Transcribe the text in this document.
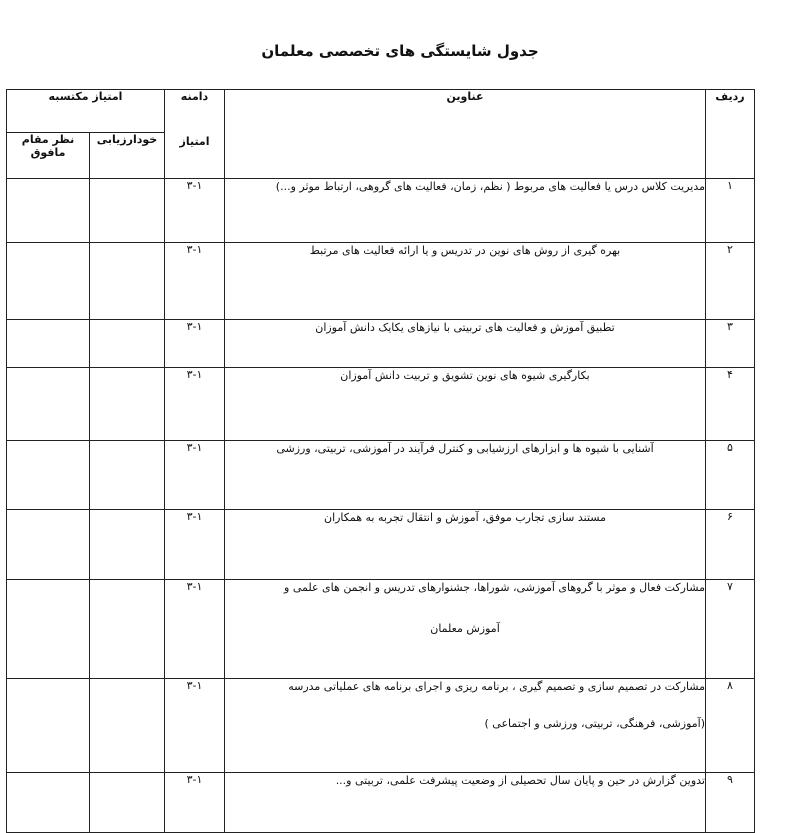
جدول شایستگی های تخصصی معلمان
امتیاز مکتسبه		دامنه
امتیاز	عناوین	ردیف
نظر مقام مافوق	خودارزیابی			
		۳-۱	مدیریت کلاس درس یا فعالیت های مربوط ( نظم، زمان، فعالیت های گروهی، ارتباط موثر و...)	۱
		۳-۱	بهره گیری از روش های نوین در تدریس و یا ارائه فعالیت های مرتبط	۲
		۳-۱	تطبیق آموزش و فعالیت های تربیتی با نیازهای یکایک دانش آموزان	۳
		۳-۱	بکارگیری شیوه های نوین تشویق و تربیت دانش آموزان	۴
		۳-۱	آشنایی با شیوه ها و ابزارهای ارزشیابی و کنترل فرآیند در آموزشی، تربیتی، ورزشی	۵
		۳-۱	مستند سازی تجارب موفق، آموزش و انتقال تجربه به همکاران	۶
		۳-۱	مشارکت فعال و موثر با گروهای آموزشی، شوراها، جشنوارهای تدریس و انجمن های علمی و
آموزش معلمان	۷
		۳-۱	مشارکت در تصمیم سازی و تصمیم گیری ، برنامه ریزی و اجرای برنامه های عملیاتی مدرسه
(آموزشی، فرهنگی، تربیتی، ورزشی و اجتماعی )	۸
		۳-۱	تدوین گزارش در حین و پایان سال تحصیلی از وضعیت پیشرفت علمی، تربیتی و...	۹
